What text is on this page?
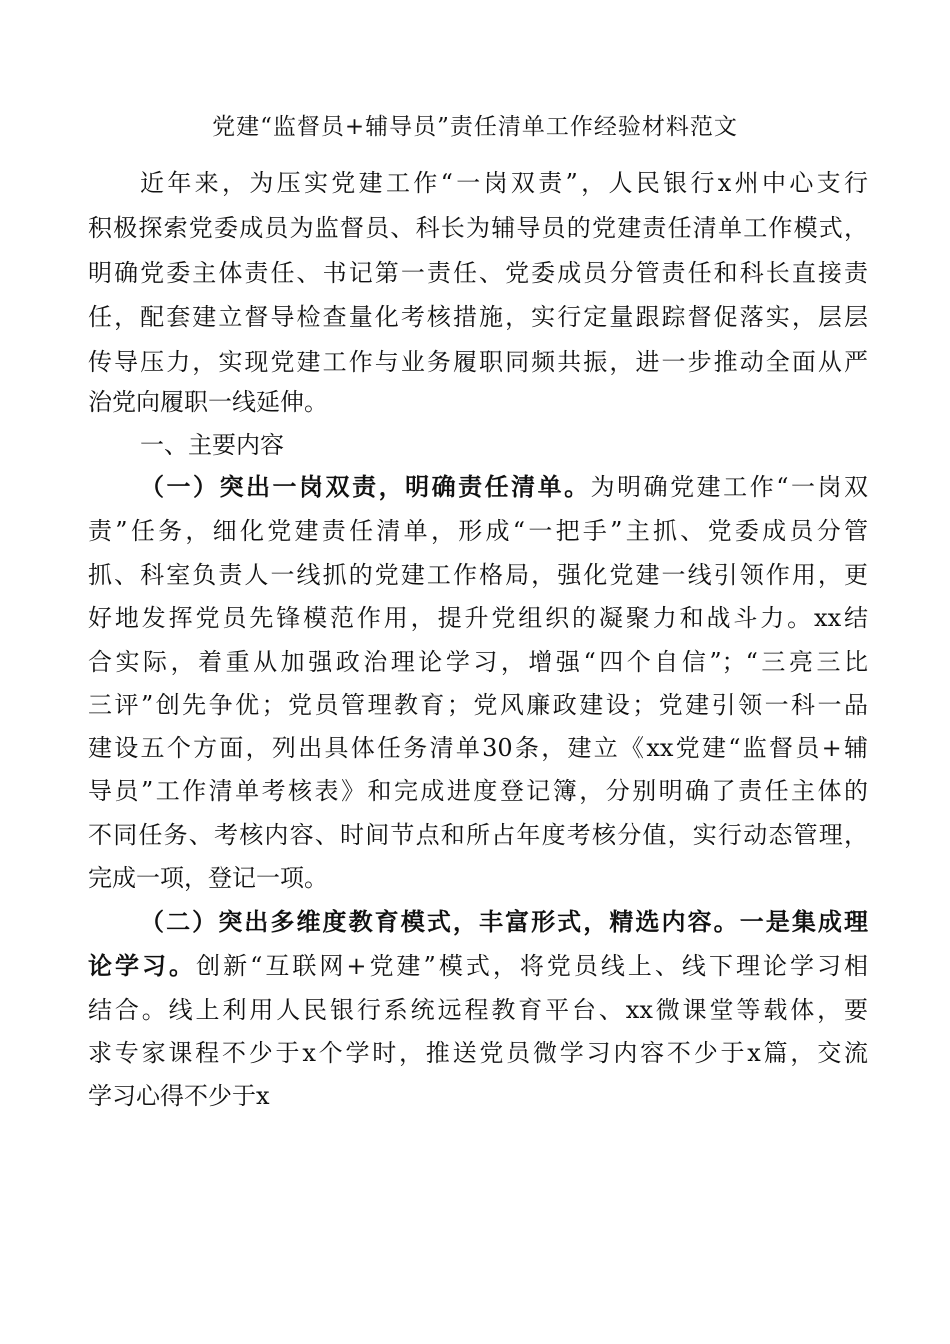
党建“监督员+辅导员”责任清单工作经验材料范文
近年来，为压实党建工作“一岗双责”，人民银行x州中心支行
积极探索党委成员为监督员、科长为辅导员的党建责任清单工作模式，
明确党委主体责任、书记第一责任、党委成员分管责任和科长直接责
任，配套建立督导检查量化考核措施，实行定量跟踪督促落实，层层
传导压力，实现党建工作与业务履职同频共振，进一步推动全面从严
治党向履职一线延伸。
一、主要内容
（一）突出一岗双责，明确责任清单。为明确党建工作“一岗双
责”任务，细化党建责任清单，形成“一把手”主抓、党委成员分管
抓、科室负责人一线抓的党建工作格局，强化党建一线引领作用，更
好地发挥党员先锋模范作用，提升党组织的凝聚力和战斗力。xx结
合实际，着重从加强政治理论学习，增强“四个自信”；“三亮三比
三评”创先争优；党员管理教育；党风廉政建设；党建引领一科一品
建设五个方面，列出具体任务清单30条，建立《xx党建“监督员+辅
导员”工作清单考核表》和完成进度登记簿，分别明确了责任主体的
不同任务、考核内容、时间节点和所占年度考核分值，实行动态管理，
完成一项，登记一项。
（二）突出多维度教育模式，丰富形式，精选内容。一是集成理
论学习。创新“互联网+党建”模式，将党员线上、线下理论学习相
结合。线上利用人民银行系统远程教育平台、xx微课堂等载体，要
求专家课程不少于x个学时，推送党员微学习内容不少于x篇，交流
学习心得不少于x
